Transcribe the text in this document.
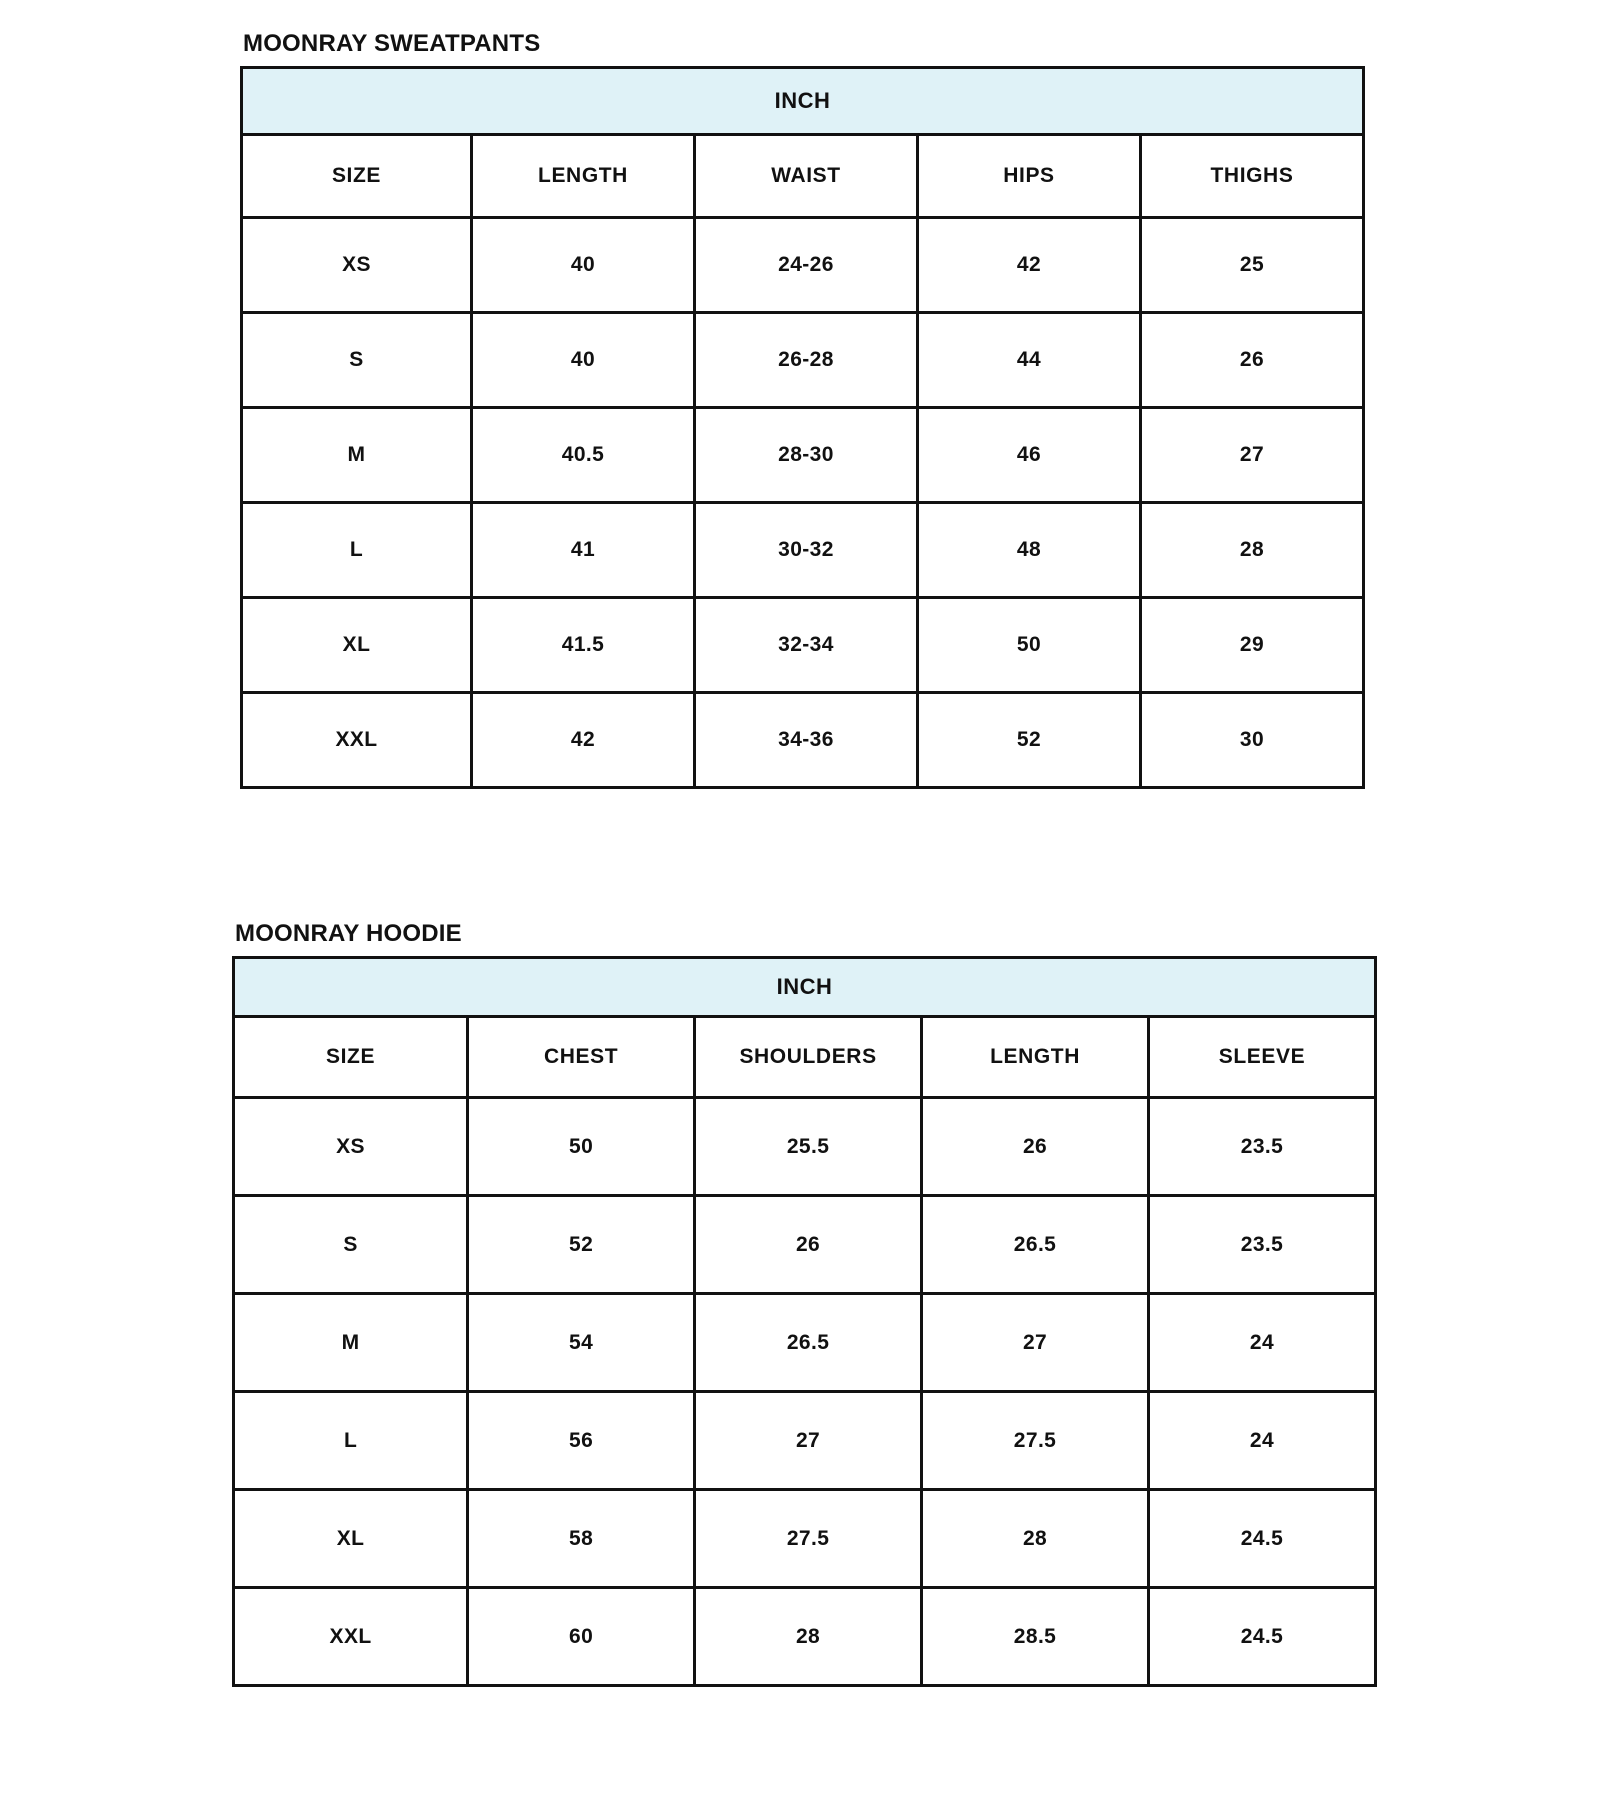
MOONRAY SWEATPANTS
INCH				
SIZE	LENGTH	WAIST	HIPS	THIGHS
XS	40	24-26	42	25
S	40	26-28	44	26
M	40.5	28-30	46	27
L	41	30-32	48	28
XL	41.5	32-34	50	29
XXL	42	34-36	52	30
MOONRAY HOODIE
INCH				
SIZE	CHEST	SHOULDERS	LENGTH	SLEEVE
XS	50	25.5	26	23.5
S	52	26	26.5	23.5
M	54	26.5	27	24
L	56	27	27.5	24
XL	58	27.5	28	24.5
XXL	60	28	28.5	24.5
